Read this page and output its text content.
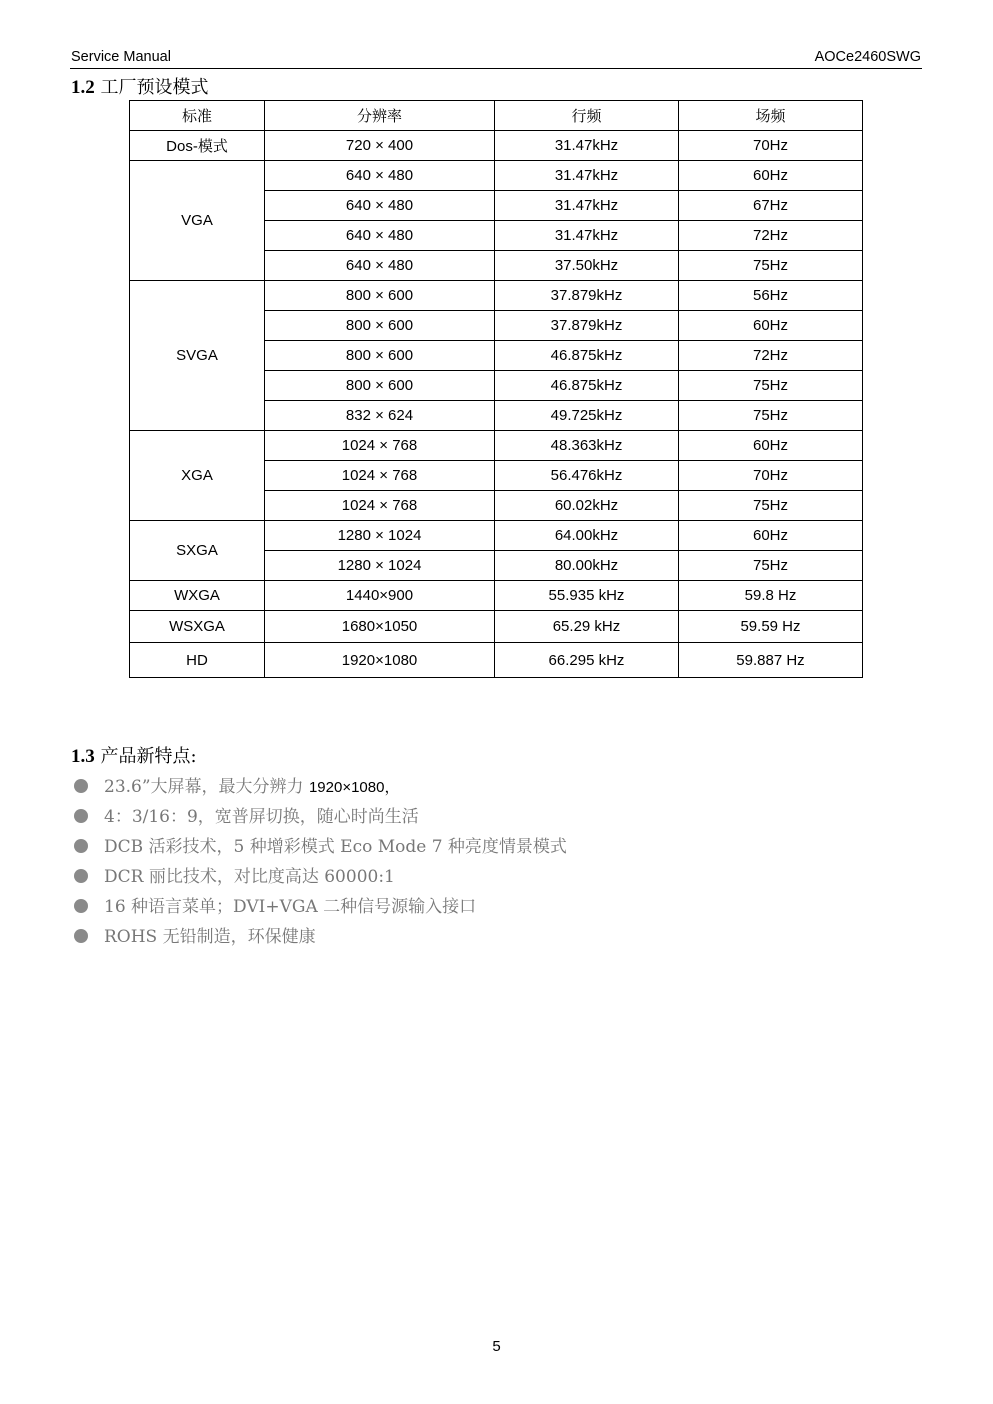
Service Manual	AOCe2460SWG
1.2 工厂预设模式
标准	分辨率	行频	场频
Dos-模式	720 × 400	31.47kHz	70Hz
VGA	640 × 480	31.47kHz	60Hz
	640 × 480	31.47kHz	67Hz
	640 × 480	31.47kHz	72Hz
	640 × 480	37.50kHz	75Hz
SVGA	800 × 600	37.879kHz	56Hz
	800 × 600	37.879kHz	60Hz
	800 × 600	46.875kHz	72Hz
	800 × 600	46.875kHz	75Hz
	832 × 624	49.725kHz	75Hz
XGA	1024 × 768	48.363kHz	60Hz
	1024 × 768	56.476kHz	70Hz
	1024 × 768	60.02kHz	75Hz
SXGA	1280 × 1024	64.00kHz	60Hz
	1280 × 1024	80.00kHz	75Hz
WXGA	1440×900	55.935 kHz	59.8 Hz
WSXGA	1680×1050	65.29 kHz	59.59 Hz
HD	1920×1080	66.295 kHz	59.887 Hz
1.3 产品新特点:
23.6”大屏幕，最大分辨力 1920×1080，
4：3/16：9，宽普屏切换，随心时尚生活
DCB 活彩技术，5 种增彩模式 Eco Mode 7 种亮度情景模式
DCR 丽比技术，对比度高达 60000:1
16 种语言菜单；DVI+VGA 二种信号源输入接口
ROHS 无铅制造，环保健康
5
